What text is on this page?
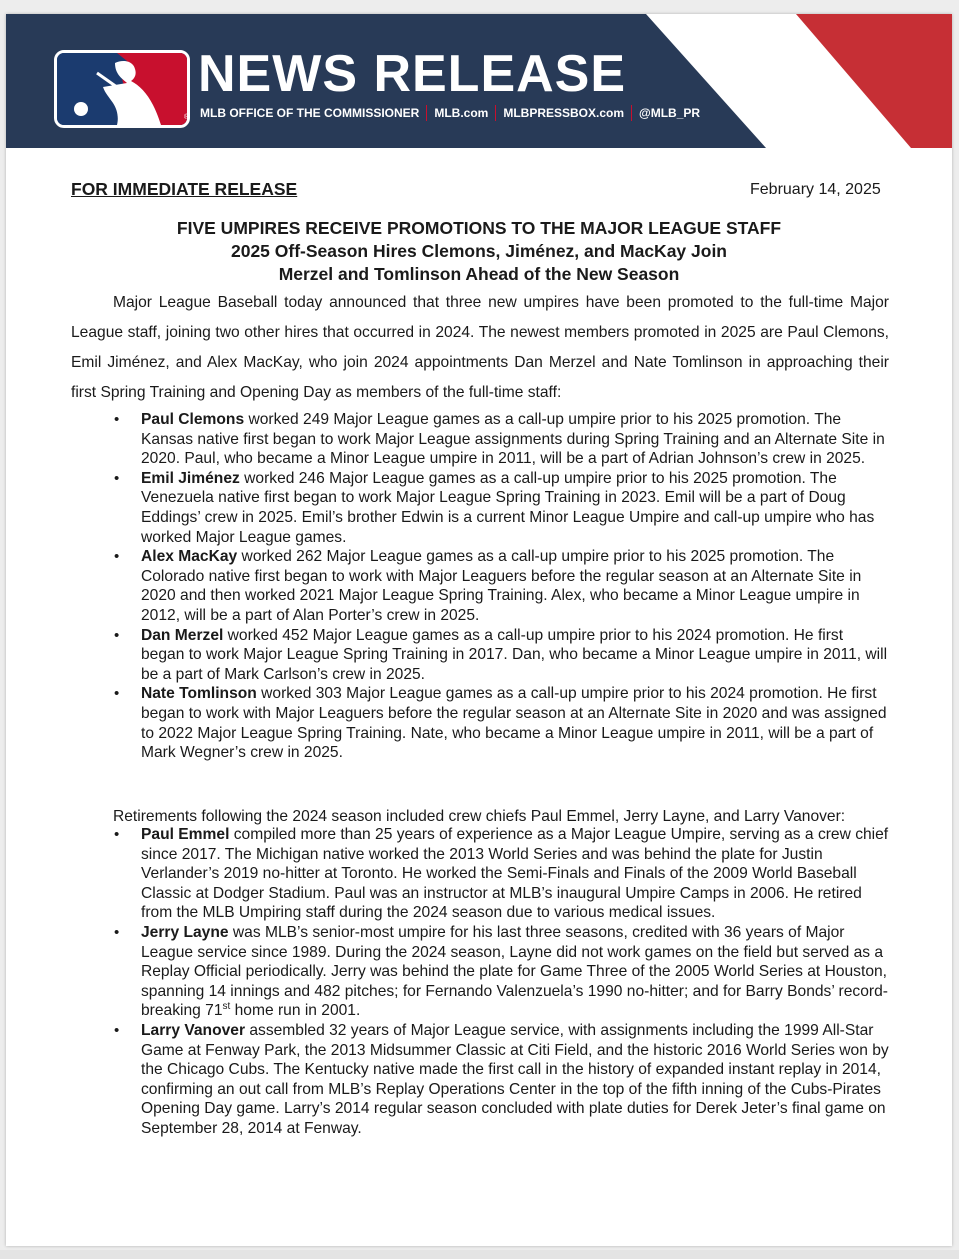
®
NEWS RELEASE
MLB OFFICE OF THE COMMISSIONER MLB.com MLBPRESSBOX.com @MLB_PR
FOR IMMEDIATE RELEASE	February 14, 2025
FIVE UMPIRES RECEIVE PROMOTIONS TO THE MAJOR LEAGUE STAFF
2025 Off-Season Hires Clemons, Jiménez, and MacKay Join
Merzel and Tomlinson Ahead of the New Season
Major League Baseball today announced that three new umpires have been promoted to the full-time Major League staff, joining two other hires that occurred in 2024. The newest members promoted in 2025 are Paul Clemons, Emil Jiménez, and Alex MacKay, who join 2024 appointments Dan Merzel and Nate Tomlinson in approaching their first Spring Training and Opening Day as members of the full-time staff:
• Paul Clemons worked 249 Major League games as a call-up umpire prior to his 2025 promotion. The Kansas native first began to work Major League assignments during Spring Training and an Alternate Site in 2020. Paul, who became a Minor League umpire in 2011, will be a part of Adrian Johnson’s crew in 2025.
• Emil Jiménez worked 246 Major League games as a call-up umpire prior to his 2025 promotion. The Venezuela native first began to work Major League Spring Training in 2023. Emil will be a part of Doug Eddings’ crew in 2025. Emil’s brother Edwin is a current Minor League Umpire and call-up umpire who has worked Major League games.
• Alex MacKay worked 262 Major League games as a call-up umpire prior to his 2025 promotion. The Colorado native first began to work with Major Leaguers before the regular season at an Alternate Site in 2020 and then worked 2021 Major League Spring Training. Alex, who became a Minor League umpire in 2012, will be a part of Alan Porter’s crew in 2025.
• Dan Merzel worked 452 Major League games as a call-up umpire prior to his 2024 promotion. He first began to work Major League Spring Training in 2017. Dan, who became a Minor League umpire in 2011, will be a part of Mark Carlson’s crew in 2025.
• Nate Tomlinson worked 303 Major League games as a call-up umpire prior to his 2024 promotion. He first began to work with Major Leaguers before the regular season at an Alternate Site in 2020 and was assigned to 2022 Major League Spring Training. Nate, who became a Minor League umpire in 2011, will be a part of Mark Wegner’s crew in 2025.
Retirements following the 2024 season included crew chiefs Paul Emmel, Jerry Layne, and Larry Vanover:
• Paul Emmel compiled more than 25 years of experience as a Major League Umpire, serving as a crew chief since 2017. The Michigan native worked the 2013 World Series and was behind the plate for Justin Verlander’s 2019 no-hitter at Toronto. He worked the Semi-Finals and Finals of the 2009 World Baseball Classic at Dodger Stadium. Paul was an instructor at MLB’s inaugural Umpire Camps in 2006. He retired from the MLB Umpiring staff during the 2024 season due to various medical issues.
• Jerry Layne was MLB’s senior-most umpire for his last three seasons, credited with 36 years of Major League service since 1989. During the 2024 season, Layne did not work games on the field but served as a Replay Official periodically. Jerry was behind the plate for Game Three of the 2005 World Series at Houston, spanning 14 innings and 482 pitches; for Fernando Valenzuela’s 1990 no-hitter; and for Barry Bonds’ record-breaking 71st home run in 2001.
• Larry Vanover assembled 32 years of Major League service, with assignments including the 1999 All-Star Game at Fenway Park, the 2013 Midsummer Classic at Citi Field, and the historic 2016 World Series won by the Chicago Cubs. The Kentucky native made the first call in the history of expanded instant replay in 2014, confirming an out call from MLB’s Replay Operations Center in the top of the fifth inning of the Cubs-Pirates Opening Day game. Larry’s 2014 regular season concluded with plate duties for Derek Jeter’s final game on September 28, 2014 at Fenway.
